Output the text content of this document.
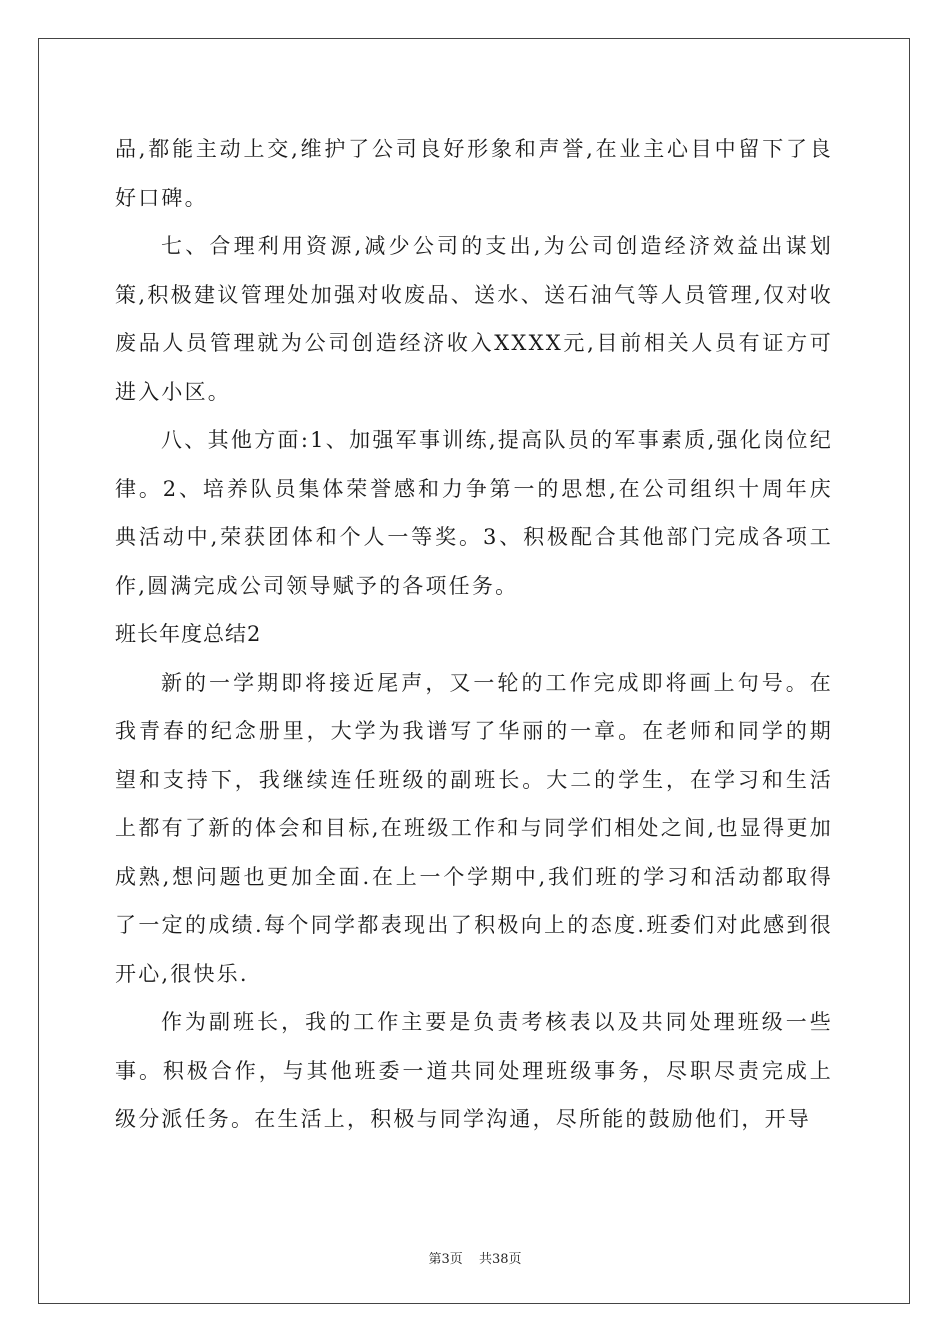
品,都能主动上交,维护了公司良好形象和声誉,在业主心目中留下了良好口碑。

七、合理利用资源,减少公司的支出,为公司创造经济效益出谋划策,积极建议管理处加强对收废品、送水、送石油气等人员管理,仅对收废品人员管理就为公司创造经济收入XXXX元,目前相关人员有证方可进入小区。

八、其他方面:1、加强军事训练,提高队员的军事素质,强化岗位纪律。2、培养队员集体荣誉感和力争第一的思想,在公司组织十周年庆典活动中,荣获团体和个人一等奖。3、积极配合其他部门完成各项工作,圆满完成公司领导赋予的各项任务。

班长年度总结2

新的一学期即将接近尾声，又一轮的工作完成即将画上句号。在我青春的纪念册里，大学为我谱写了华丽的一章。在老师和同学的期望和支持下，我继续连任班级的副班长。大二的学生，在学习和生活上都有了新的体会和目标,在班级工作和与同学们相处之间,也显得更加成熟,想问题也更加全面.在上一个学期中,我们班的学习和活动都取得了一定的成绩.每个同学都表现出了积极向上的态度.班委们对此感到很开心,很快乐.

作为副班长，我的工作主要是负责考核表以及共同处理班级一些事。积极合作，与其他班委一道共同处理班级事务，尽职尽责完成上级分派任务。在生活上，积极与同学沟通，尽所能的鼓励他们，开导

第3页 共38页
